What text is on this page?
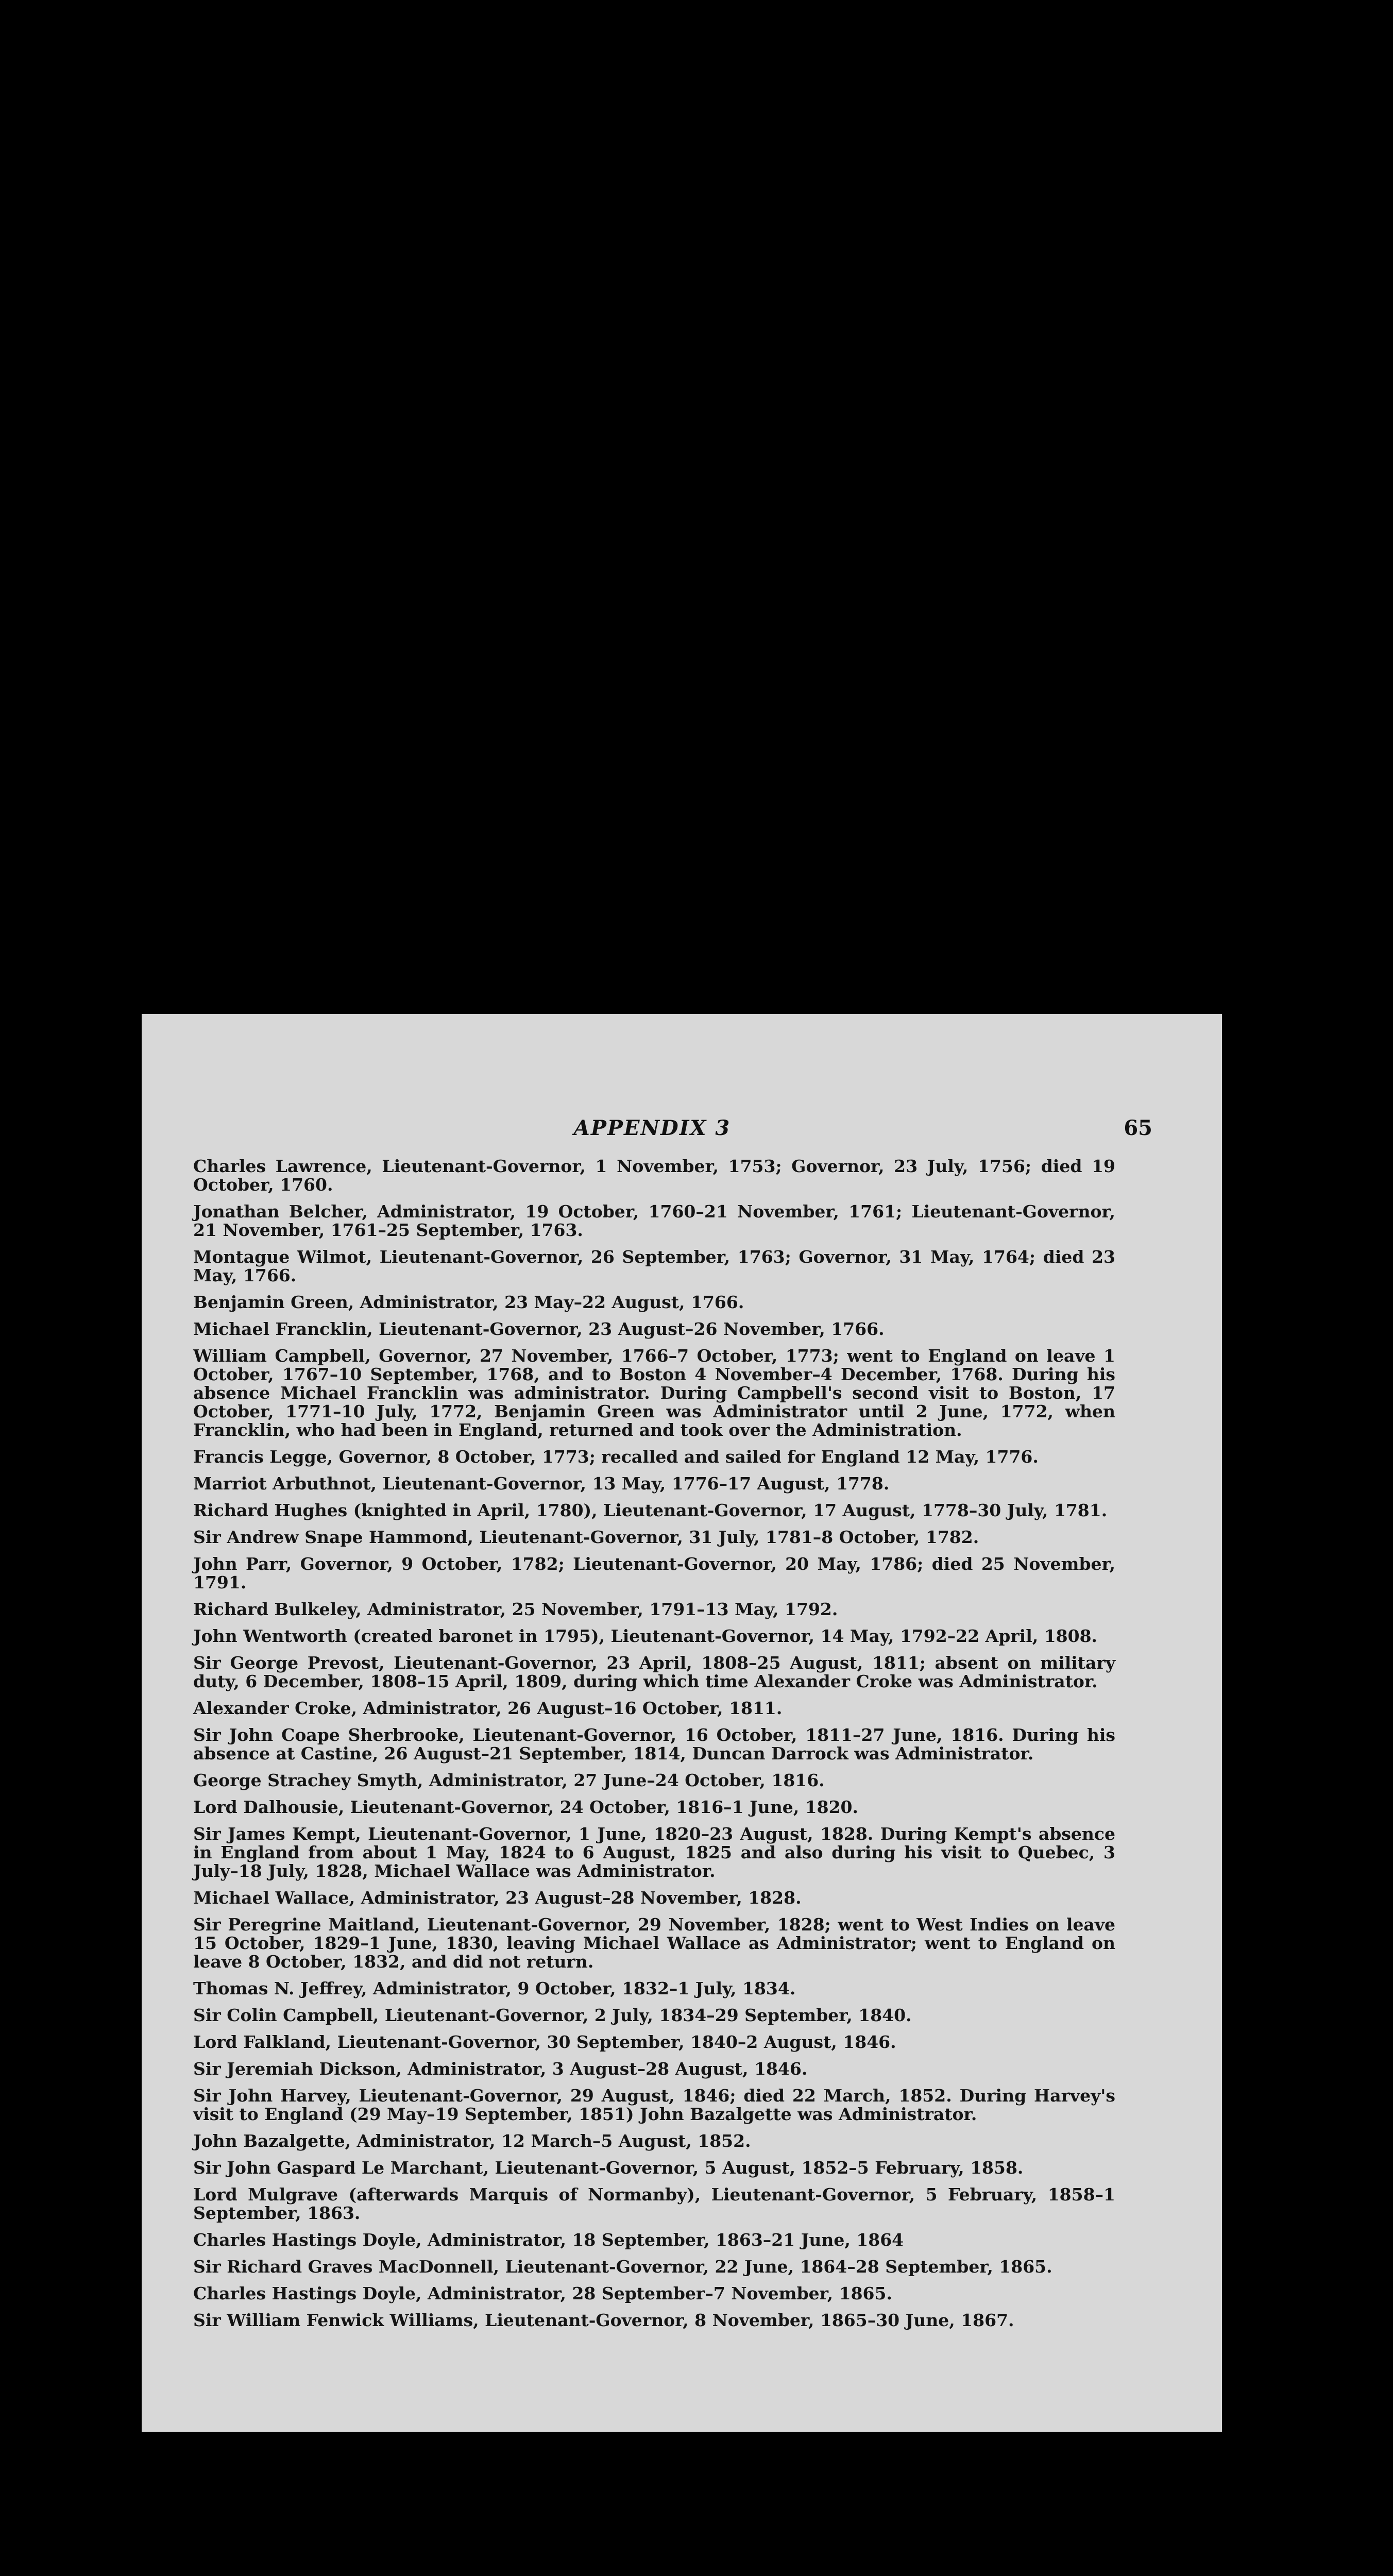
APPENDIX 3	65

Charles Lawrence, Lieutenant-Governor, 1 November, 1753; Governor, 23 July, 1756; died 19 October, 1760.

Jonathan Belcher, Administrator, 19 October, 1760–21 November, 1761; Lieutenant-Governor, 21 November, 1761–25 September, 1763.

Montague Wilmot, Lieutenant-Governor, 26 September, 1763; Governor, 31 May, 1764; died 23 May, 1766.

Benjamin Green, Administrator, 23 May–22 August, 1766.

Michael Francklin, Lieutenant-Governor, 23 August–26 November, 1766.

William Campbell, Governor, 27 November, 1766–7 October, 1773; went to England on leave 1 October, 1767–10 September, 1768, and to Boston 4 November–4 December, 1768. During his absence Michael Francklin was administrator. During Campbell's second visit to Boston, 17 October, 1771–10 July, 1772, Benjamin Green was Administrator until 2 June, 1772, when Francklin, who had been in England, returned and took over the Administration.

Francis Legge, Governor, 8 October, 1773; recalled and sailed for England 12 May, 1776.

Marriot Arbuthnot, Lieutenant-Governor, 13 May, 1776–17 August, 1778.

Richard Hughes (knighted in April, 1780), Lieutenant-Governor, 17 August, 1778–30 July, 1781.

Sir Andrew Snape Hammond, Lieutenant-Governor, 31 July, 1781–8 October, 1782.

John Parr, Governor, 9 October, 1782; Lieutenant-Governor, 20 May, 1786; died 25 November, 1791.

Richard Bulkeley, Administrator, 25 November, 1791–13 May, 1792.

John Wentworth (created baronet in 1795), Lieutenant-Governor, 14 May, 1792–22 April, 1808.

Sir George Prevost, Lieutenant-Governor, 23 April, 1808–25 August, 1811; absent on military duty, 6 December, 1808–15 April, 1809, during which time Alexander Croke was Administrator.

Alexander Croke, Administrator, 26 August–16 October, 1811.

Sir John Coape Sherbrooke, Lieutenant-Governor, 16 October, 1811–27 June, 1816. During his absence at Castine, 26 August–21 September, 1814, Duncan Darrock was Administrator.

George Strachey Smyth, Administrator, 27 June–24 October, 1816.

Lord Dalhousie, Lieutenant-Governor, 24 October, 1816–1 June, 1820.

Sir James Kempt, Lieutenant-Governor, 1 June, 1820–23 August, 1828. During Kempt's absence in England from about 1 May, 1824 to 6 August, 1825 and also during his visit to Quebec, 3 July–18 July, 1828, Michael Wallace was Administrator.

Michael Wallace, Administrator, 23 August–28 November, 1828.

Sir Peregrine Maitland, Lieutenant-Governor, 29 November, 1828; went to West Indies on leave 15 October, 1829–1 June, 1830, leaving Michael Wallace as Administrator; went to England on leave 8 October, 1832, and did not return.

Thomas N. Jeffrey, Administrator, 9 October, 1832–1 July, 1834.

Sir Colin Campbell, Lieutenant-Governor, 2 July, 1834–29 September, 1840.

Lord Falkland, Lieutenant-Governor, 30 September, 1840–2 August, 1846.

Sir Jeremiah Dickson, Administrator, 3 August–28 August, 1846.

Sir John Harvey, Lieutenant-Governor, 29 August, 1846; died 22 March, 1852. During Harvey's visit to England (29 May–19 September, 1851) John Bazalgette was Administrator.

John Bazalgette, Administrator, 12 March–5 August, 1852.

Sir John Gaspard Le Marchant, Lieutenant-Governor, 5 August, 1852–5 February, 1858.

Lord Mulgrave (afterwards Marquis of Normanby), Lieutenant-Governor, 5 February, 1858–1 September, 1863.

Charles Hastings Doyle, Administrator, 18 September, 1863–21 June, 1864

Sir Richard Graves MacDonnell, Lieutenant-Governor, 22 June, 1864–28 September, 1865.

Charles Hastings Doyle, Administrator, 28 September–7 November, 1865.

Sir William Fenwick Williams, Lieutenant-Governor, 8 November, 1865–30 June, 1867.
